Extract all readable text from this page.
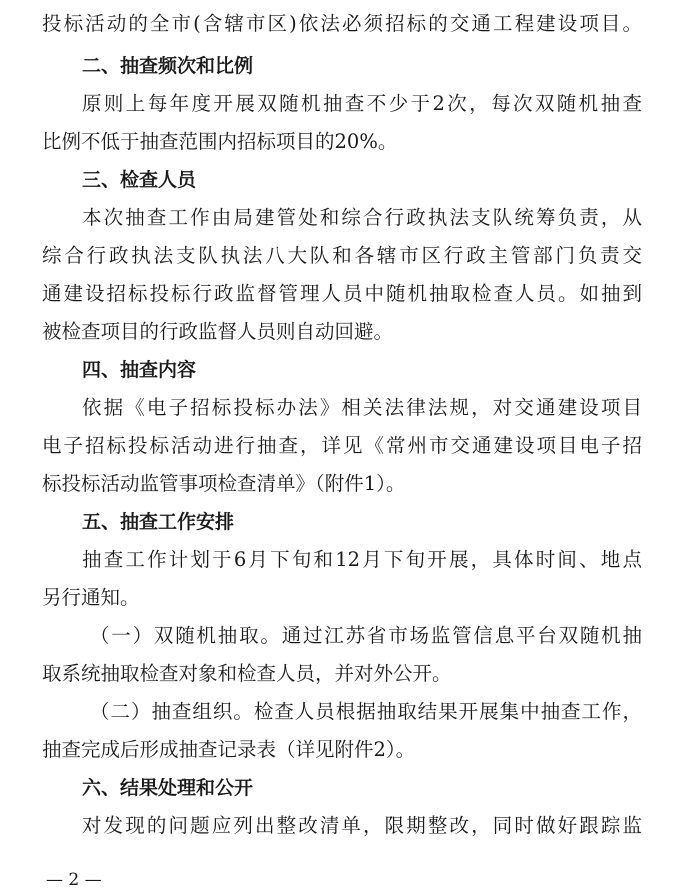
投标活动的全市(含辖市区)依法必须招标的交通工程建设项目。
二、抽查频次和比例
原则上每年度开展双随机抽查不少于2次，每次双随机抽查
比例不低于抽查范围内招标项目的20%。
三、检查人员
本次抽查工作由局建管处和综合行政执法支队统筹负责，从
综合行政执法支队执法八大队和各辖市区行政主管部门负责交
通建设招标投标行政监督管理人员中随机抽取检查人员。如抽到
被检查项目的行政监督人员则自动回避。
四、抽查内容
依据《电子招标投标办法》相关法律法规，对交通建设项目
电子招标投标活动进行抽查，详见《常州市交通建设项目电子招
标投标活动监管事项检查清单》（附件1）。
五、抽查工作安排
抽查工作计划于6月下旬和12月下旬开展，具体时间、地点
另行通知。
（一）双随机抽取。通过江苏省市场监管信息平台双随机抽
取系统抽取检查对象和检查人员，并对外公开。
（二）抽查组织。检查人员根据抽取结果开展集中抽查工作，
抽查完成后形成抽查记录表（详见附件2）。
六、结果处理和公开
对发现的问题应列出整改清单，限期整改，同时做好跟踪监
— 2 —
